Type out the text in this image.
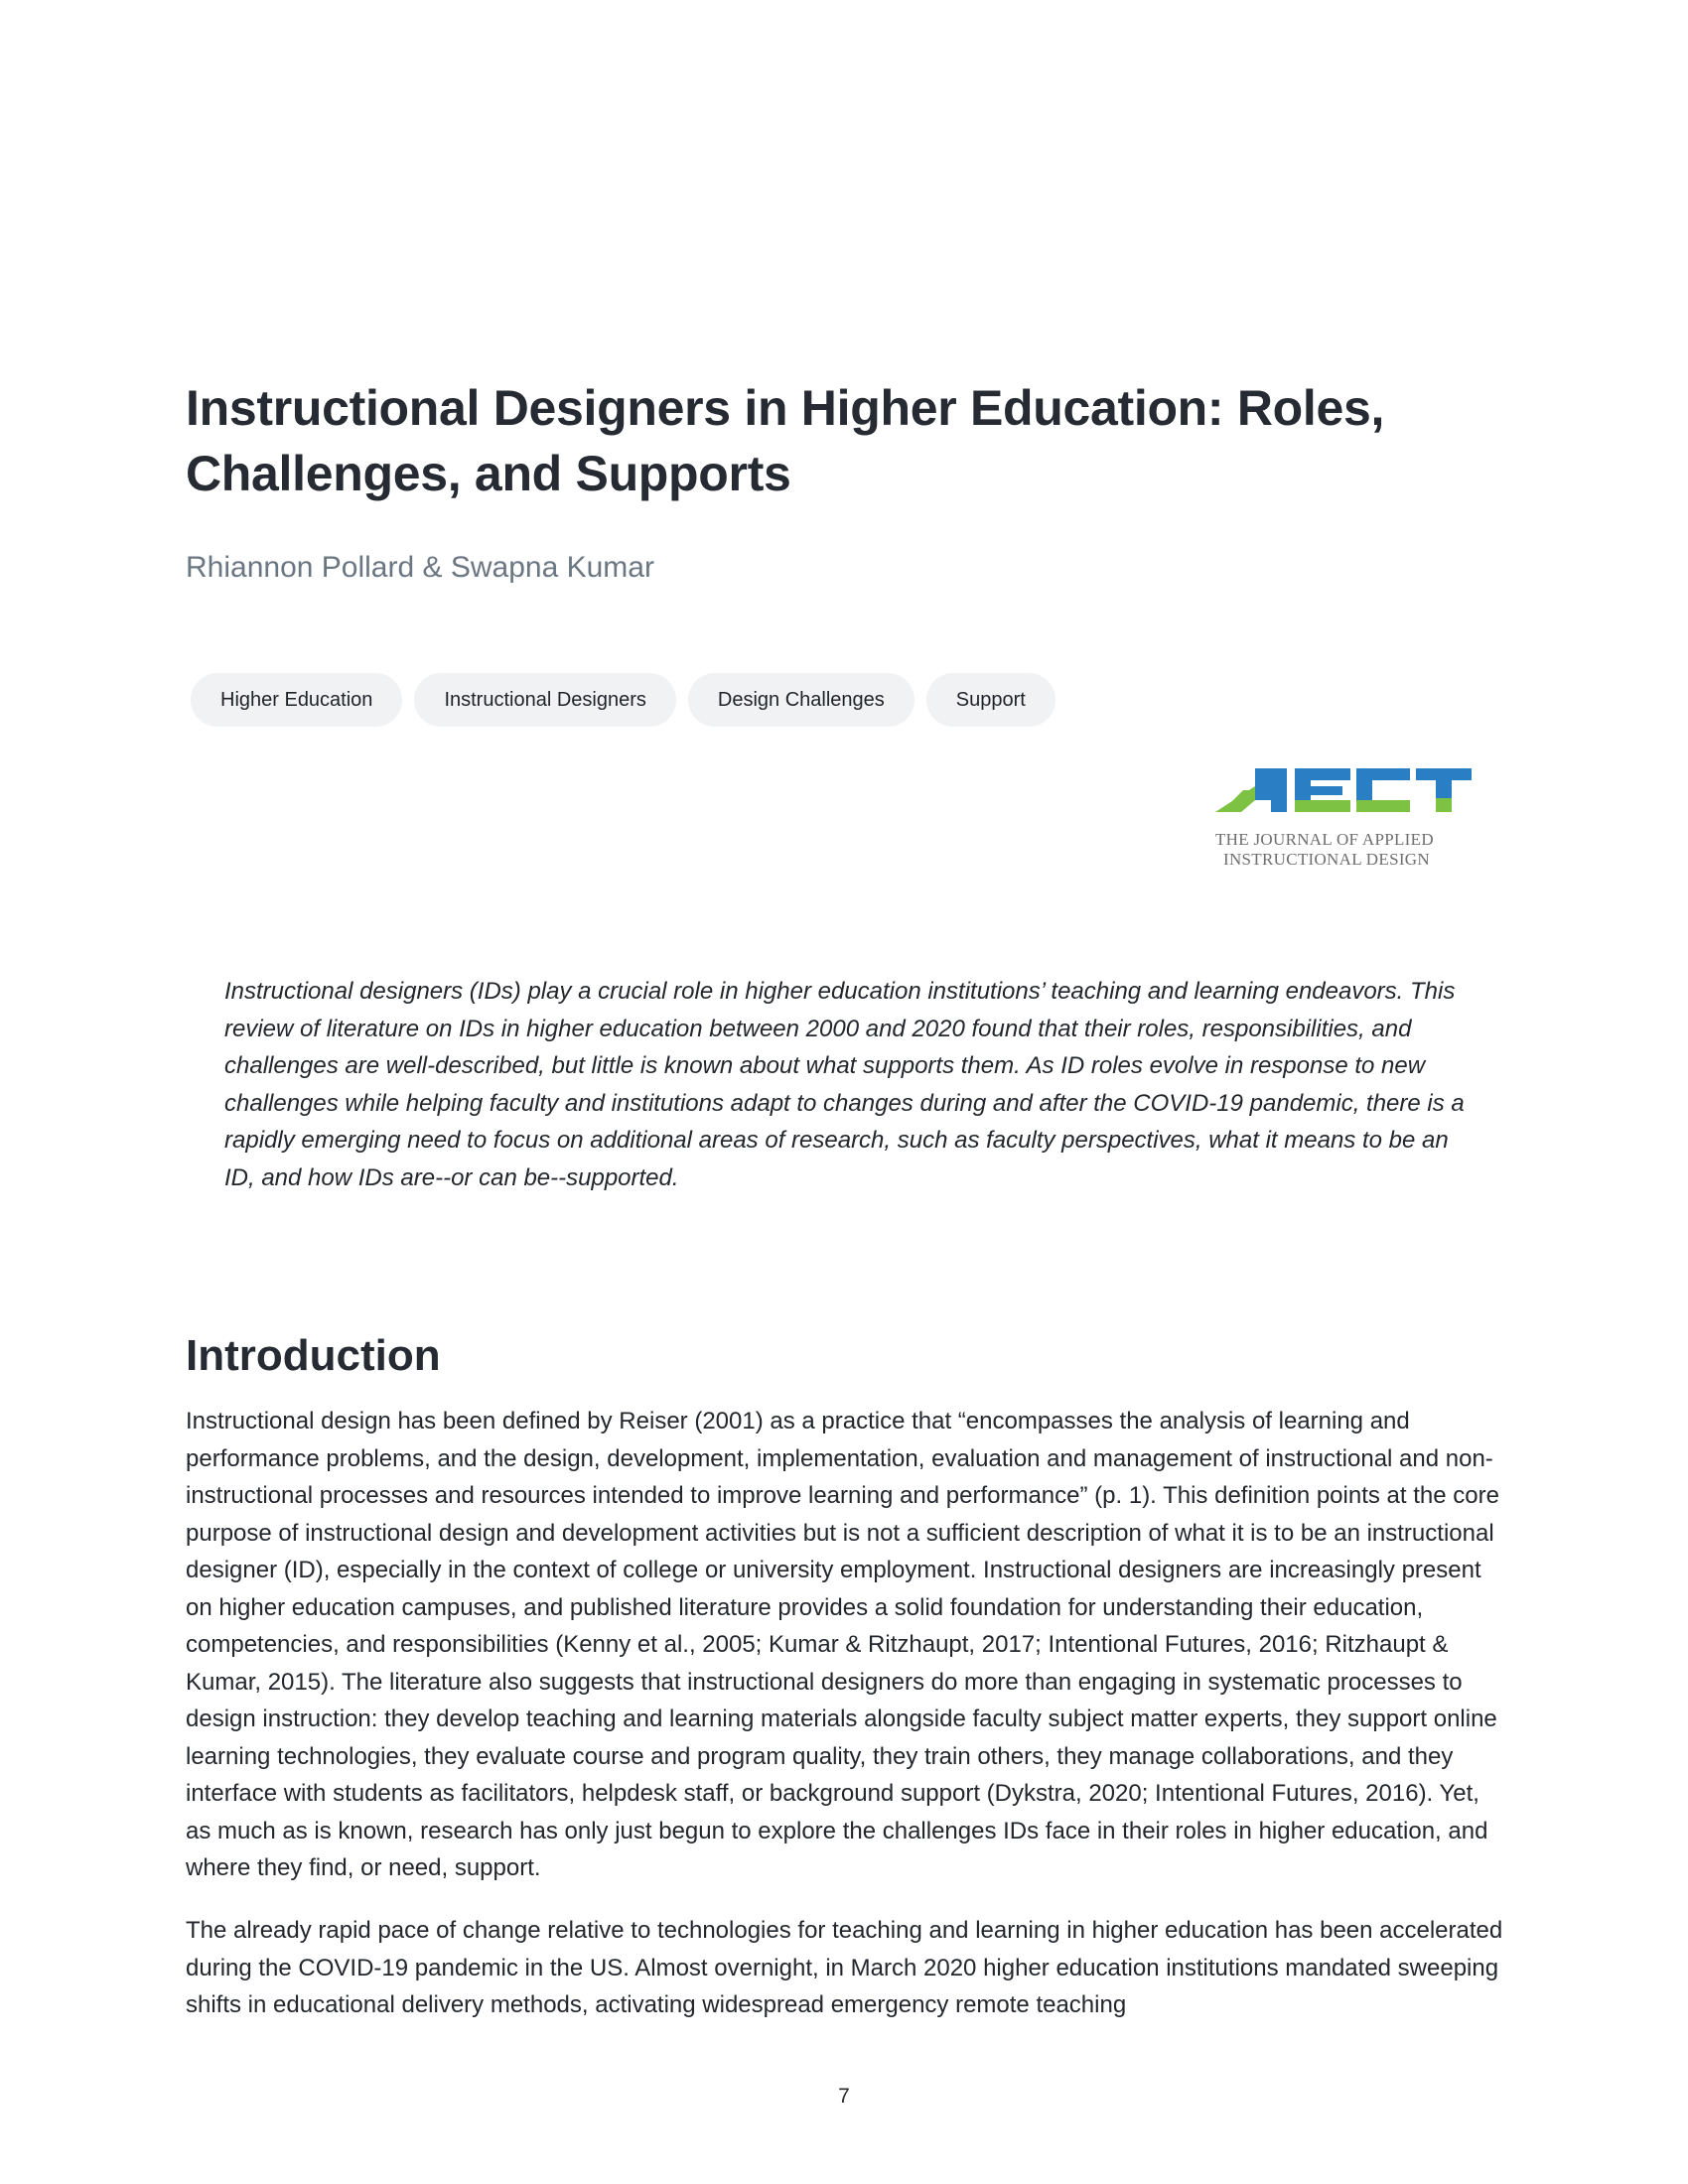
Instructional Designers in Higher Education: Roles, Challenges, and Supports

Rhiannon Pollard & Swapna Kumar

Higher Education	Instructional Designers	Design Challenges	Support
THE JOURNAL OF APPLIED
INSTRUCTIONAL DESIGN

Instructional designers (IDs) play a crucial role in higher education institutions’ teaching and learning endeavors. This review of literature on IDs in higher education between 2000 and 2020 found that their roles, responsibilities, and challenges are well-described, but little is known about what supports them. As ID roles evolve in response to new challenges while helping faculty and institutions adapt to changes during and after the COVID-19 pandemic, there is a rapidly emerging need to focus on additional areas of research, such as faculty perspectives, what it means to be an ID, and how IDs are--or can be--supported.

Introduction

Instructional design has been defined by Reiser (2001) as a practice that “encompasses the analysis of learning and performance problems, and the design, development, implementation, evaluation and management of instructional and non-instructional processes and resources intended to improve learning and performance” (p. 1). This definition points at the core purpose of instructional design and development activities but is not a sufficient description of what it is to be an instructional designer (ID), especially in the context of college or university employment. Instructional designers are increasingly present on higher education campuses, and published literature provides a solid foundation for understanding their education, competencies, and responsibilities (Kenny et al., 2005; Kumar & Ritzhaupt, 2017; Intentional Futures, 2016; Ritzhaupt & Kumar, 2015). The literature also suggests that instructional designers do more than engaging in systematic processes to design instruction: they develop teaching and learning materials alongside faculty subject matter experts, they support online learning technologies, they evaluate course and program quality, they train others, they manage collaborations, and they interface with students as facilitators, helpdesk staff, or background support (Dykstra, 2020; Intentional Futures, 2016). Yet, as much as is known, research has only just begun to explore the challenges IDs face in their roles in higher education, and where they find, or need, support.

The already rapid pace of change relative to technologies for teaching and learning in higher education has been accelerated during the COVID-19 pandemic in the US. Almost overnight, in March 2020 higher education institutions mandated sweeping shifts in educational delivery methods, activating widespread emergency remote teaching

7
